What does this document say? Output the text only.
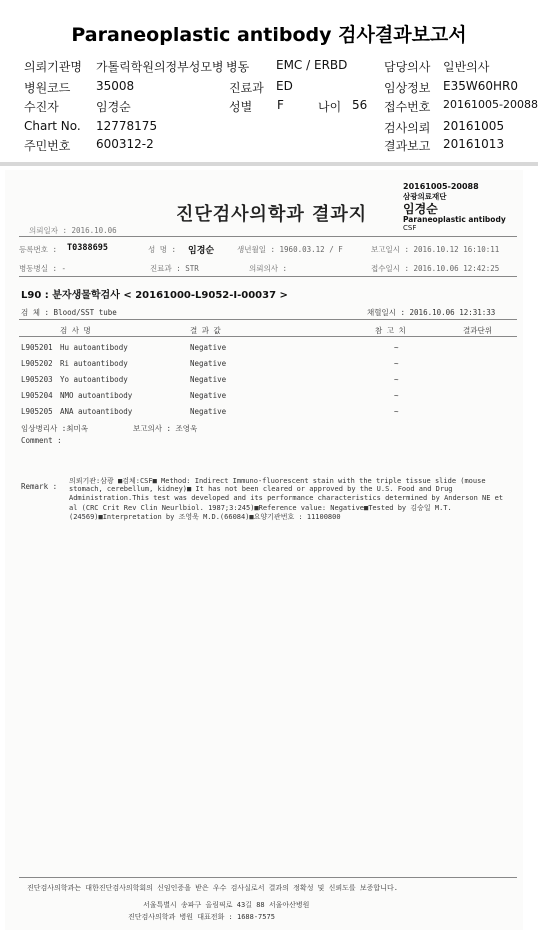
Paraneoplastic antibody 검사결과보고서
의뢰기관명 가톨릭학원의정부성모병 병동 EMC / ERBD	담당의사 일반의사
병원코드 35008	진료과 ED	임상정보 E35W60HR0
수진자	임경순	성별 F	나이 56 접수번호 20161005-20088
Chart No. 12778175	검사의뢰 20161005
주민번호 600312-2	결과보고 20161013
20161005-20088
삼광의료재단
임경순
Paraneoplastic antibody
CSF
진단검사의학과 결과지
의뢰일자 : 2016.10.06
등록번호 : T0388695	성 명 : 임경순	생년월일 : 1960.03.12 / F	보고일시 : 2016.10.12 16:10:11
병동병실 : -	진료과 : STR	의뢰의사 :	접수일시 : 2016.10.06 12:42:25
L90 : 분자생물학검사 < 20161000-L9052-I-00037 >
검 체 : Blood/SST tube	채혈일시 : 2016.10.06 12:31:33
검 사 명	결 과 값	참 고 치	결과단위
L905201 Hu autoantibody	Negative	~
L905202 Ri autoantibody	Negative	~
L905203 Yo autoantibody	Negative	~
L905204 NMO autoantibody	Negative	~
L905205 ANA autoantibody	Negative	~
임상병리사 :최미옥	보고의사 : 조영욱
Comment :
Remark :
의뢰기관:삼광 ■검체:CSF■ Method: Indirect Immuno-fluorescent stain with the triple tissue slide (mouse
stomach, cerebellum, kidney)■ It has not been cleared or approved by the U.S. Food and Drug
Administration.This test was developed and its performance characteristics determined by Anderson NE et
al (CRC Crit Rev Clin Neurlbiol. 1987;3:245)■Reference value: Negative■Tested by 김승일 M.T.
(24569)■Interpretation by 조영욱 M.D.(66084)■요양기관번호 : 11100800
진단검사의학과는 대한진단검사의학회의 신임인증을 받은 우수 검사실로서 결과의 정확성 및 신뢰도를 보증합니다.
서울특별시 송파구 올림픽로 43길 88 서울아산병원
진단검사의학과 병원 대표전화 : 1688-7575
